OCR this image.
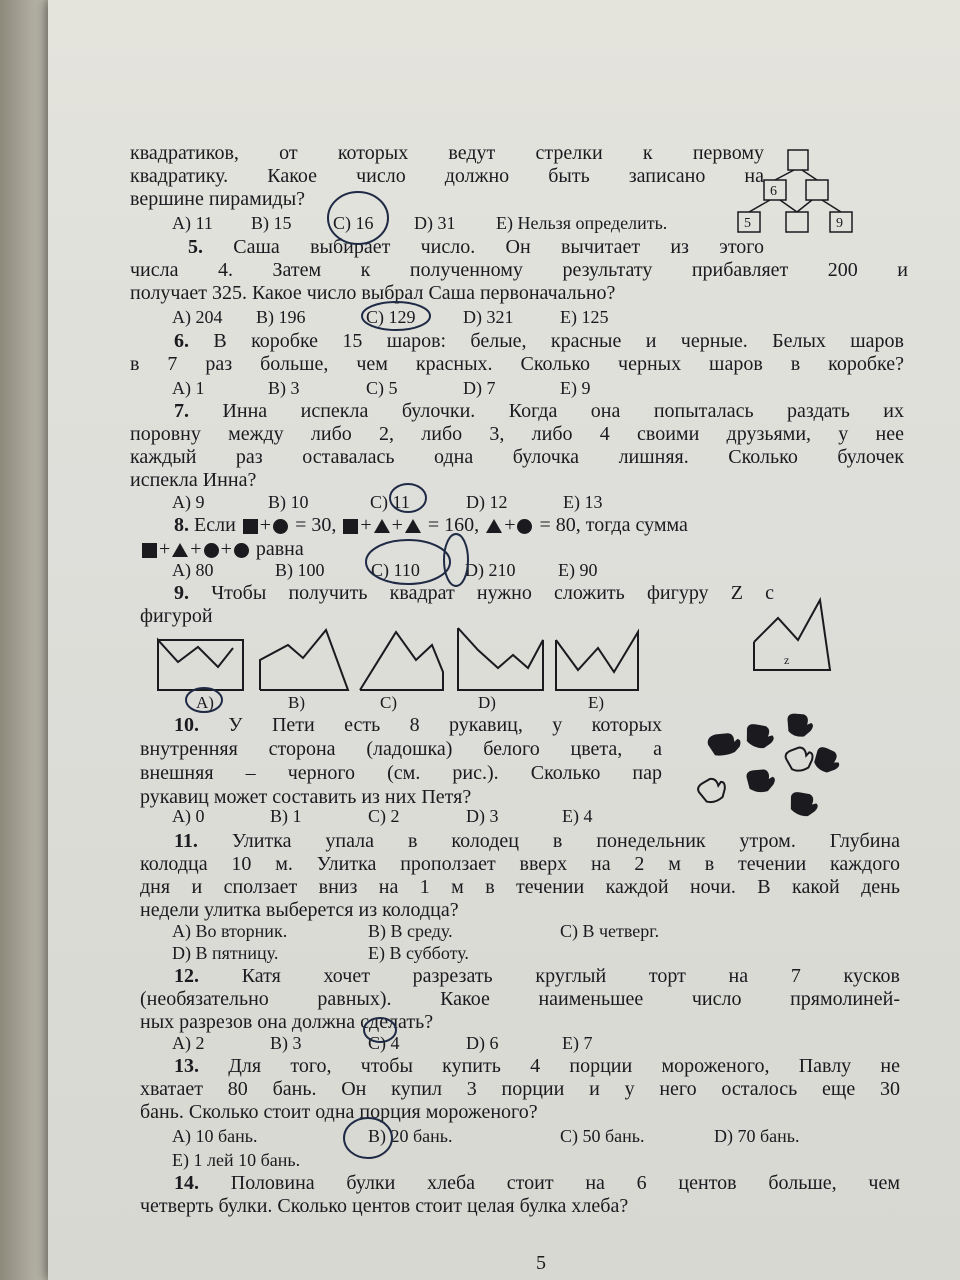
квадратиков, от которых ведут стрелки к первому
квадратику. Какое число должно быть записано на
вершине пирамиды?
A) 11 B) 15 C) 16 D) 31 E) Нельзя определить.
6
5	9
5. Саша выбирает число. Он вычитает из этого
числа 4. Затем к полученному результату прибавляет 200 и
получает 325. Какое число выбрал Саша первоначально?
A) 204 B) 196	C) 129	D) 321	E) 125
6. В коробке 15 шаров: белые, красные и черные. Белых шаров
в 7 раз больше, чем красных. Сколько черных шаров в коробке?
A) 1	B) 3	C) 5	D) 7	E) 9
7. Инна испекла булочки. Когда она попыталась раздать их
поровну между либо 2, либо 3, либо 4 своими друзьями, у нее
каждый раз оставалась одна булочка лишняя. Сколько булочек
испекла Инна?
A) 9	B) 10	C) 11	D) 12	E) 13
8. Если + = 30, + + = 160, + = 80, тогда сумма
+ + + равна
A) 80	B) 100	C) 110	D) 210 E) 90
9. Чтобы получить квадрат нужно сложить фигуру Z с
фигурой
z
A)	B)	C)	D)	E)
10. У Пети есть 8 рукавиц, у которых
внутренняя сторона (ладошка) белого цвета, а
внешняя – черного (см. рис.). Сколько пар
рукавиц может составить из них Петя?
A) 0	B) 1	C) 2	D) 3	E) 4
11. Улитка упала в колодец в понедельник утром. Глубина
колодца 10 м. Улитка проползает вверх на 2 м в течении каждого
дня и сползает вниз на 1 м в течении каждой ночи. В какой день
недели улитка выберется из колодца?
A) Во вторник.	B) В среду.	C) В четверг.
D) В пятницу.	E) В субботу.
12. Катя хочет разрезать круглый торт на 7 кусков
(необязательно равных). Какое наименьшее число прямолиней-
ных разрезов она должна сделать?
A) 2	B) 3	C) 4	D) 6	E) 7
13. Для того, чтобы купить 4 порции мороженого, Павлу не
хватает 80 бань. Он купил 3 порции и у него осталось еще 30
бань. Сколько стоит одна порция мороженого?
A) 10 бань.	B) 20 бань.	C) 50 бань.	D) 70 бань.
E) 1 лей 10 бань.
14. Половина булки хлеба стоит на 6 центов больше, чем
четверть булки. Сколько центов стоит целая булка хлеба?
5
